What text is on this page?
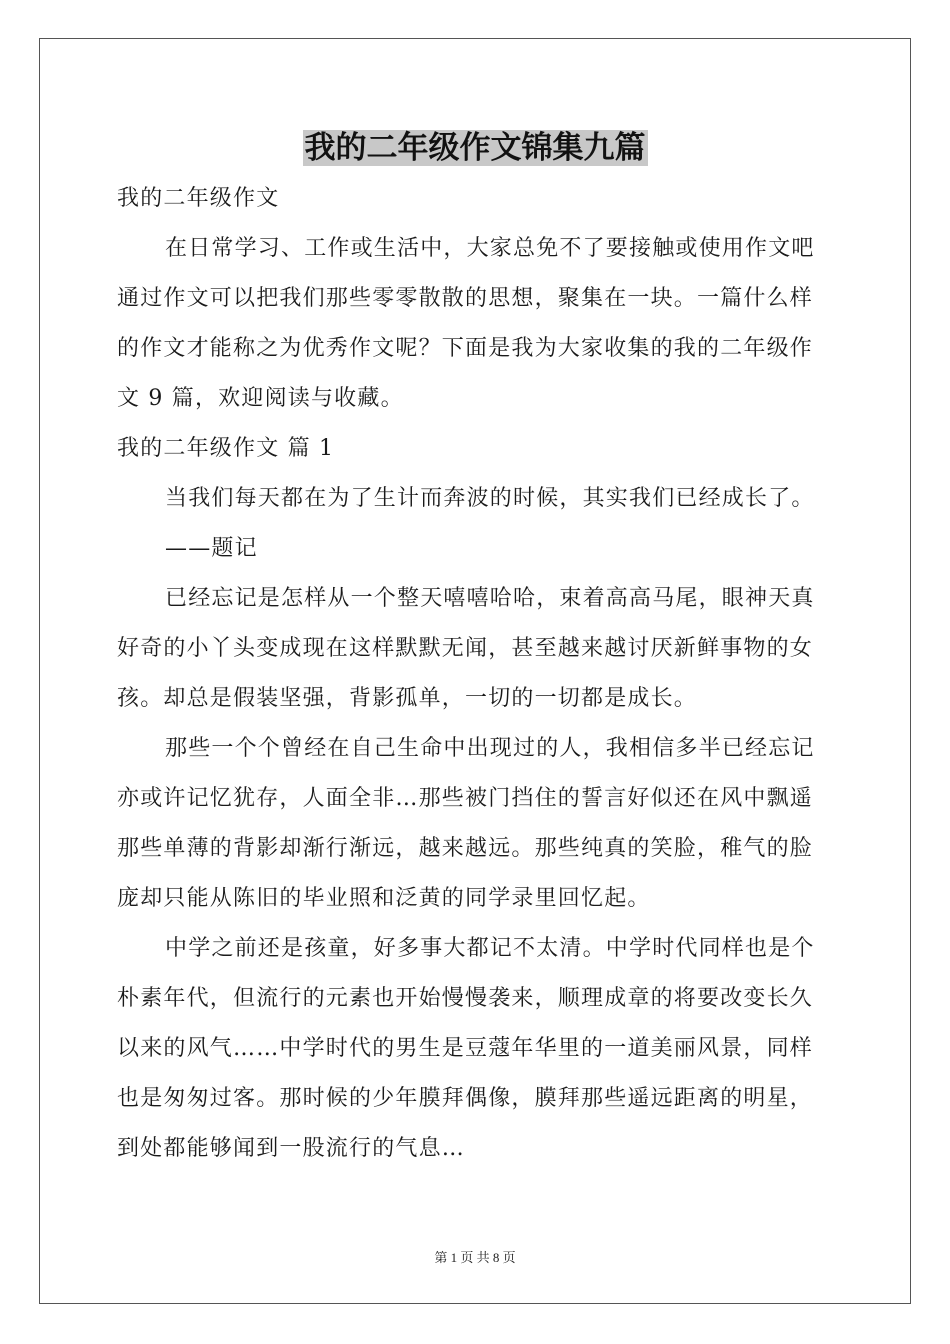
我的二年级作文锦集九篇
我的二年级作文
在日常学习、工作或生活中，大家总免不了要接触或使用作文吧
通过作文可以把我们那些零零散散的思想，聚集在一块。一篇什么样
的作文才能称之为优秀作文呢？下面是我为大家收集的我的二年级作
文 9 篇，欢迎阅读与收藏。
我的二年级作文 篇 1
当我们每天都在为了生计而奔波的时候，其实我们已经成长了。
——题记
已经忘记是怎样从一个整天嘻嘻哈哈，束着高高马尾，眼神天真
好奇的小丫头变成现在这样默默无闻，甚至越来越讨厌新鲜事物的女
孩。却总是假装坚强，背影孤单，一切的一切都是成长。
那些一个个曾经在自己生命中出现过的人，我相信多半已经忘记
亦或许记忆犹存，人面全非…那些被门挡住的誓言好似还在风中飘遥
那些单薄的背影却渐行渐远，越来越远。那些纯真的笑脸，稚气的脸
庞却只能从陈旧的毕业照和泛黄的同学录里回忆起。
中学之前还是孩童，好多事大都记不太清。中学时代同样也是个
朴素年代，但流行的元素也开始慢慢袭来，顺理成章的将要改变长久
以来的风气……中学时代的男生是豆蔻年华里的一道美丽风景，同样
也是匆匆过客。那时候的少年膜拜偶像，膜拜那些遥远距离的明星，
到处都能够闻到一股流行的气息…
第 1 页 共 8 页
